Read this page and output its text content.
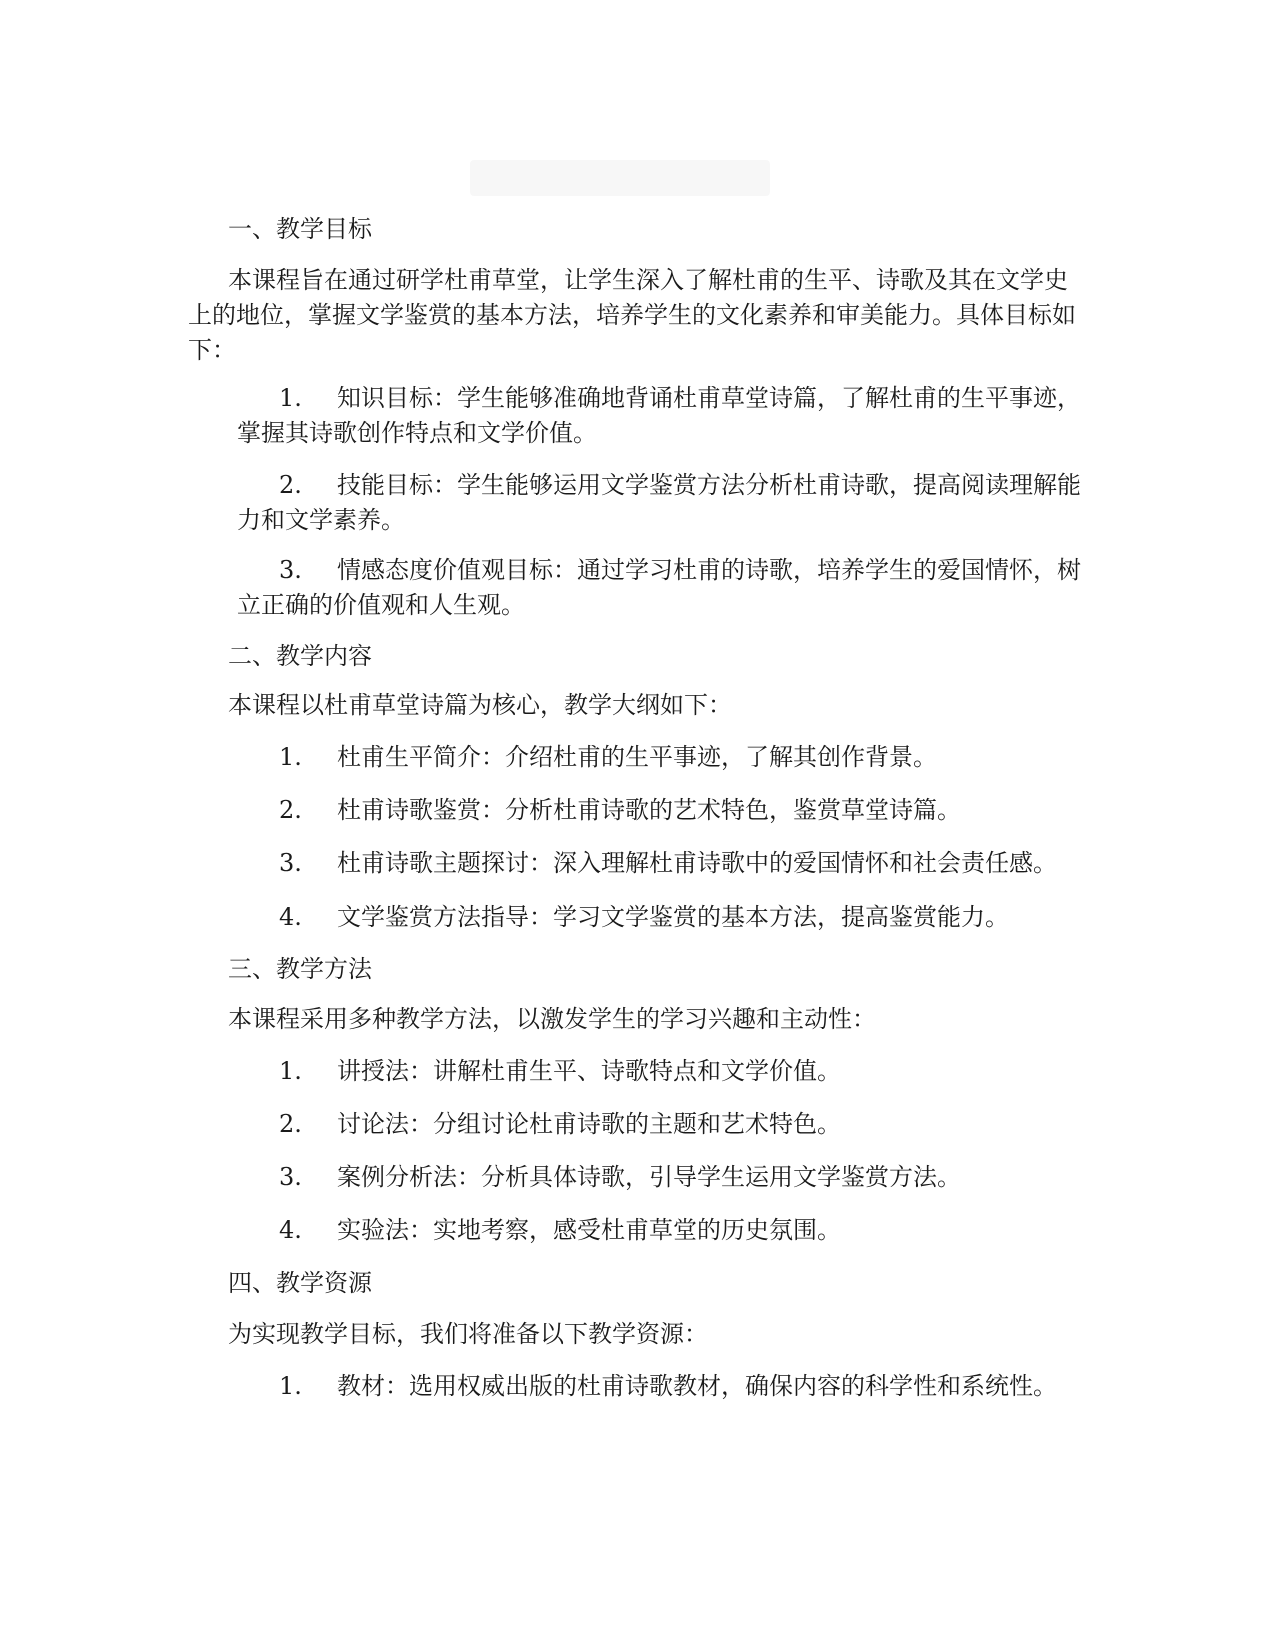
一、教学目标
本课程旨在通过研学杜甫草堂，让学生深入了解杜甫的生平、诗歌及其在文学史上的地位，掌握文学鉴赏的基本方法，培养学生的文化素养和审美能力。具体目标如下：
1.	知识目标：学生能够准确地背诵杜甫草堂诗篇，了解杜甫的生平事迹，掌握其诗歌创作特点和文学价值。
2.	技能目标：学生能够运用文学鉴赏方法分析杜甫诗歌，提高阅读理解能力和文学素养。
3.	情感态度价值观目标：通过学习杜甫的诗歌，培养学生的爱国情怀，树立正确的价值观和人生观。
二、教学内容
本课程以杜甫草堂诗篇为核心，教学大纲如下：
1.	杜甫生平简介：介绍杜甫的生平事迹，了解其创作背景。
2.	杜甫诗歌鉴赏：分析杜甫诗歌的艺术特色，鉴赏草堂诗篇。
3.	杜甫诗歌主题探讨：深入理解杜甫诗歌中的爱国情怀和社会责任感。
4.	文学鉴赏方法指导：学习文学鉴赏的基本方法，提高鉴赏能力。
三、教学方法
本课程采用多种教学方法，以激发学生的学习兴趣和主动性：
1.	讲授法：讲解杜甫生平、诗歌特点和文学价值。
2.	讨论法：分组讨论杜甫诗歌的主题和艺术特色。
3.	案例分析法：分析具体诗歌，引导学生运用文学鉴赏方法。
4.	实验法：实地考察，感受杜甫草堂的历史氛围。
四、教学资源
为实现教学目标，我们将准备以下教学资源：
1.	教材：选用权威出版的杜甫诗歌教材，确保内容的科学性和系统性。
